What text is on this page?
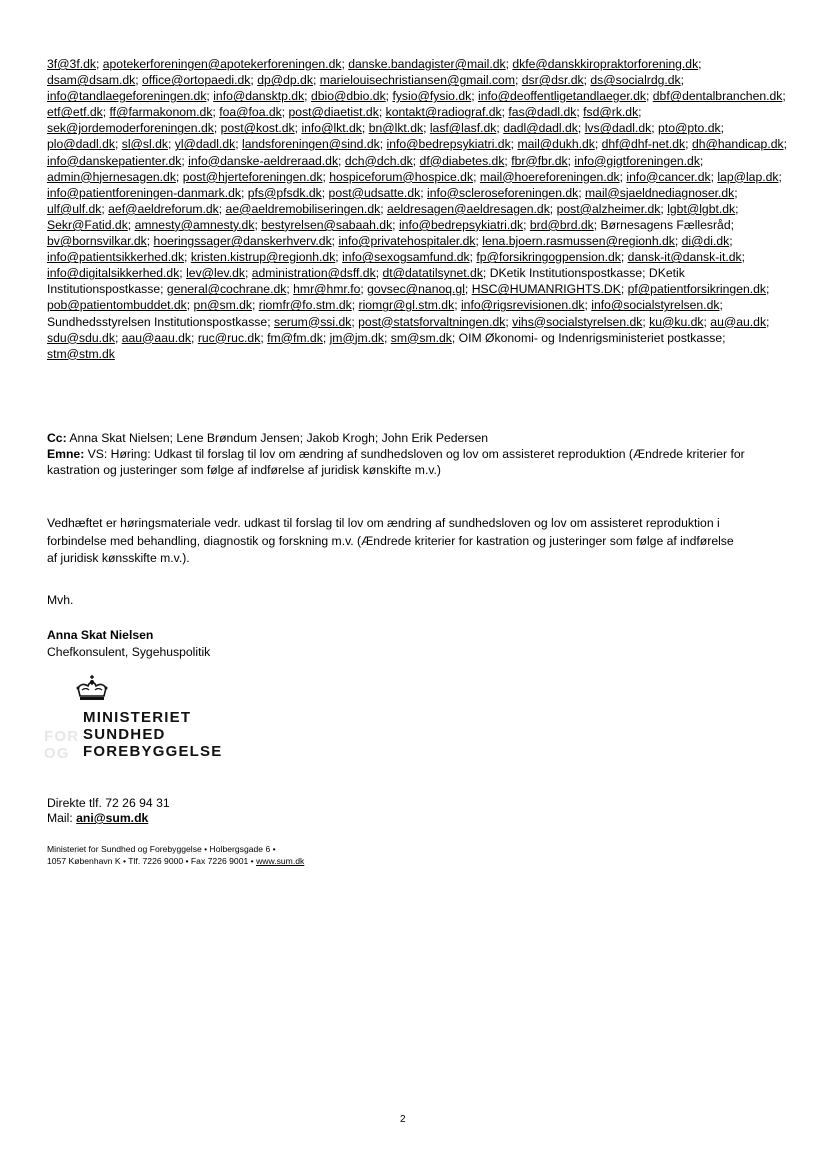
3f@3f.dk; apotekerforeningen@apotekerforeningen.dk; danske.bandagister@mail.dk; dkfe@danskkiropraktorforening.dk; dsam@dsam.dk; office@ortopaedi.dk; dp@dp.dk; marielouisechristiansen@gmail.com; dsr@dsr.dk; ds@socialrdg.dk; info@tandlaegeforeningen.dk; info@dansktp.dk; dbio@dbio.dk; fysio@fysio.dk; info@deoffentligetandlaeger.dk; dbf@dentalbranchen.dk; etf@etf.dk; ff@farmakonom.dk; foa@foa.dk; post@diaetist.dk; kontakt@radiograf.dk; fas@dadl.dk; fsd@rk.dk; sek@jordemoderforeningen.dk; post@kost.dk; info@lkt.dk; bn@lkt.dk; lasf@lasf.dk; dadl@dadl.dk; lvs@dadl.dk; pto@pto.dk; plo@dadl.dk; sl@sl.dk; yl@dadl.dk; landsforeningen@sind.dk; info@bedrepsykiatri.dk; mail@dukh.dk; dhf@dhf-net.dk; dh@handicap.dk; info@danskepatienter.dk; info@danske-aeldreraad.dk; dch@dch.dk; df@diabetes.dk; fbr@fbr.dk; info@gigtforeningen.dk; admin@hjernesagen.dk; post@hjerteforeningen.dk; hospiceforum@hospice.dk; mail@hoereforeningen.dk; info@cancer.dk; lap@lap.dk; info@patientforeningen-danmark.dk; pfs@pfsdk.dk; post@udsatte.dk; info@scleroseforeningen.dk; mail@sjaeldnediagnoser.dk; ulf@ulf.dk; aef@aeldreforum.dk; ae@aeldremobiliseringen.dk; aeldresagen@aeldresagen.dk; post@alzheimer.dk; lgbt@lgbt.dk; Sekr@Fatid.dk; amnesty@amnesty.dk; bestyrelsen@sabaah.dk; info@bedrepsykiatri.dk; brd@brd.dk; Børnesagens Fællesråd; bv@bornsvilkar.dk; hoeringssager@danskerhverv.dk; info@privatehospitaler.dk; lena.bjoern.rasmussen@regionh.dk; di@di.dk; info@patientsikkerhed.dk; kristen.kistrup@regionh.dk; info@sexogsamfund.dk; fp@forsikringogpension.dk; dansk-it@dansk-it.dk; info@digitalsikkerhed.dk; lev@lev.dk; administration@dsff.dk; dt@datatilsynet.dk; DKetik Institutionspostkasse; DKetik Institutionspostkasse; general@cochrane.dk; hmr@hmr.fo; govsec@nanoq.gl; HSC@HUMANRIGHTS.DK; pf@patientforsikringen.dk; pob@patientombuddet.dk; pn@sm.dk; riomfr@fo.stm.dk; riomgr@gl.stm.dk; info@rigsrevisionen.dk; info@socialstyrelsen.dk; Sundhedsstyrelsen Institutionspostkasse; serum@ssi.dk; post@statsforvaltningen.dk; vihs@socialstyrelsen.dk; ku@ku.dk; au@au.dk; sdu@sdu.dk; aau@aau.dk; ruc@ruc.dk; fm@fm.dk; jm@jm.dk; sm@sm.dk; OIM Økonomi- og Indenrigsministeriet postkasse; stm@stm.dk
Cc: Anna Skat Nielsen; Lene Brøndum Jensen; Jakob Krogh; John Erik Pedersen
Emne: VS: Høring: Udkast til forslag til lov om ændring af sundhedsloven og lov om assisteret reproduktion (Ændrede kriterier for kastration og justeringer som følge af indførelse af juridisk kønskifte m.v.)
Vedhæftet er høringsmateriale vedr. udkast til forslag til lov om ændring af sundhedsloven og lov om assisteret reproduktion i forbindelse med behandling, diagnostik og forskning m.v. (Ændrede kriterier for kastration og justeringer som følge af indførelse af juridisk kønsskifte m.v.).
Mvh.
Anna Skat Nielsen
Chefkonsulent, Sygehuspolitik
FOR
OG
MINISTERIET
SUNDHED
FOREBYGGELSE
Direkte tlf. 72 26 94 31
Mail: ani@sum.dk
Ministeriet for Sundhed og Forebyggelse • Holbergsgade 6 •
1057 København K • Tlf. 7226 9000 • Fax 7226 9001 • www.sum.dk
2
